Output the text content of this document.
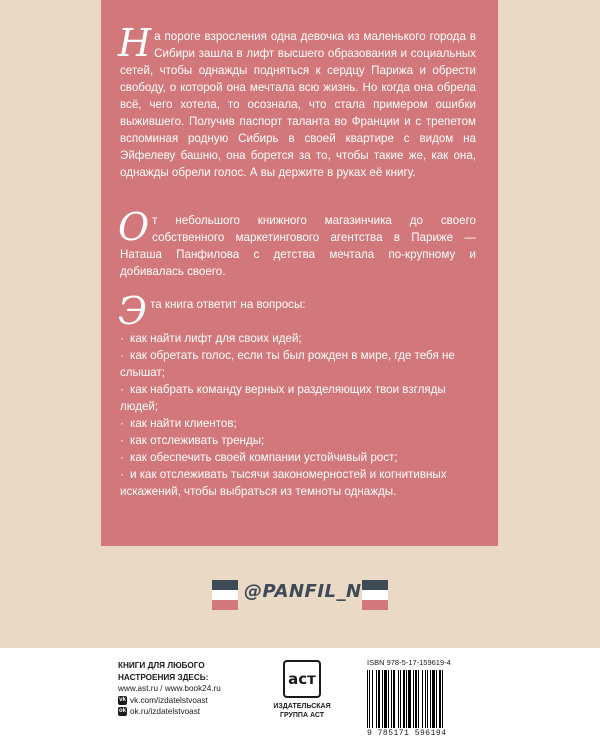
На пороге взросления одна девочка из маленького города в Сибири зашла в лифт высшего образования и социальных сетей, чтобы однажды подняться к сердцу Парижа и обрести свободу, о которой она мечтала всю жизнь. Но когда она обрела всё, чего хотела, то осознала, что стала примером ошибки выжившего. Получив паспорт таланта во Франции и с трепетом вспоминая родную Сибирь в своей квартире с видом на Эйфелеву башню, она борется за то, чтобы такие же, как она, однажды обрели голос. А вы держите в руках её книгу.

От небольшого книжного магазинчика до своего собственного маркетингового агентства в Париже — Наташа Панфилова с детства мечтала по-крупному и добивалась своего.

Эта книга ответит на вопросы:

· как найти лифт для своих идей;
· как обретать голос, если ты был рожден в мире, где тебя не слышат;
· как набрать команду верных и разделяющих твои взгляды людей;
· как найти клиентов;
· как отслеживать тренды;
· как обеспечить своей компании устойчивый рост;
· и как отслеживать тысячи закономерностей и когнитивных искажений, чтобы выбраться из темноты однажды.
@PANFIL_N
КНИГИ ДЛЯ ЛЮБОГО
НАСТРОЕНИЯ ЗДЕСЬ:
www.ast.ru / www.book24.ru
vk vk.com/izdatelstvoast
ok ok.ru/izdatelstvoast
аст
ИЗДАТЕЛЬСКАЯ
ГРУППА АСТ
ISBN 978-5-17-159619-4
9 785171 596194
